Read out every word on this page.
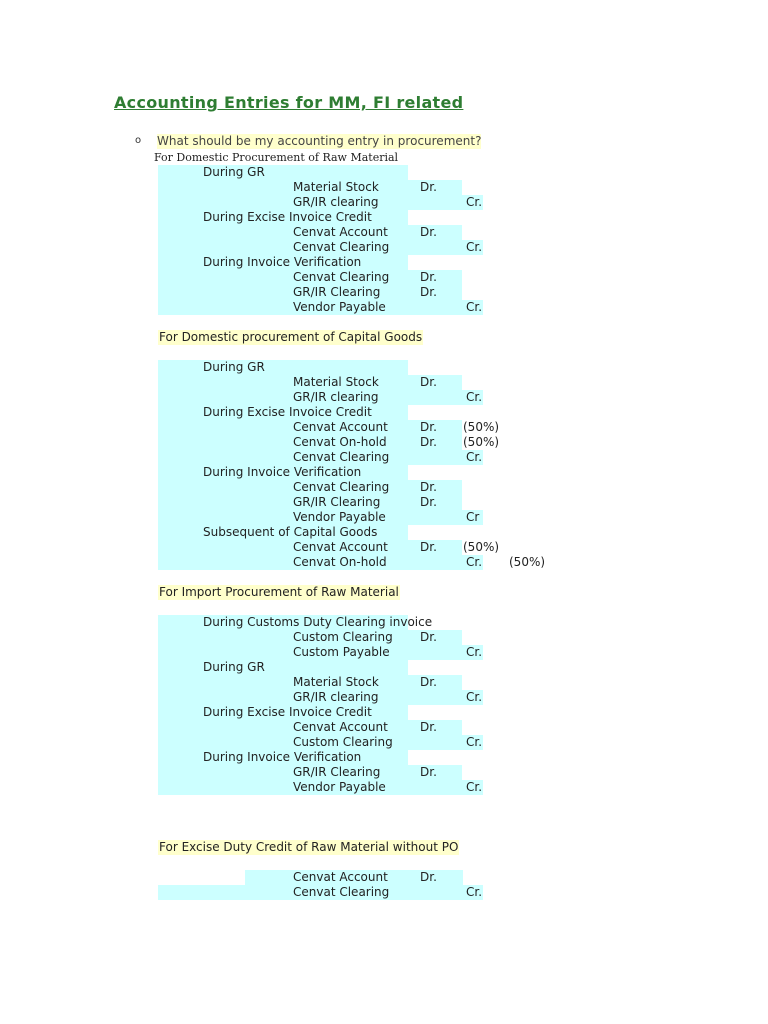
Accounting Entries for MM, FI related
o What should be my accounting entry in procurement?
For Domestic Procurement of Raw Material
During GR
Material Stock	Dr.
GR/IR clearing	Cr.
During Excise Invoice Credit
Cenvat Account	Dr.
Cenvat Clearing	Cr.
During Invoice Verification
Cenvat Clearing	Dr.
GR/IR Clearing	Dr.
Vendor Payable	Cr.
For Domestic procurement of Capital Goods
During GR
Material Stock	Dr.
GR/IR clearing	Cr.
During Excise Invoice Credit
Cenvat Account	Dr. (50%)
Cenvat On-hold	Dr. (50%)
Cenvat Clearing	Cr.
During Invoice Verification
Cenvat Clearing	Dr.
GR/IR Clearing	Dr.
Vendor Payable	Cr
Subsequent of Capital Goods
Cenvat Account	Dr. (50%)
Cenvat On-hold	Cr. (50%)
For Import Procurement of Raw Material
During Customs Duty Clearing invoice
Custom Clearing Dr.
Custom Payable	Cr.
During GR
Material Stock	Dr.
GR/IR clearing	Cr.
During Excise Invoice Credit
Cenvat Account	Dr.
Custom Clearing	Cr.
During Invoice Verification
GR/IR Clearing	Dr.
Vendor Payable	Cr.
For Excise Duty Credit of Raw Material without PO
Cenvat Account	Dr.
Cenvat Clearing	Cr.
